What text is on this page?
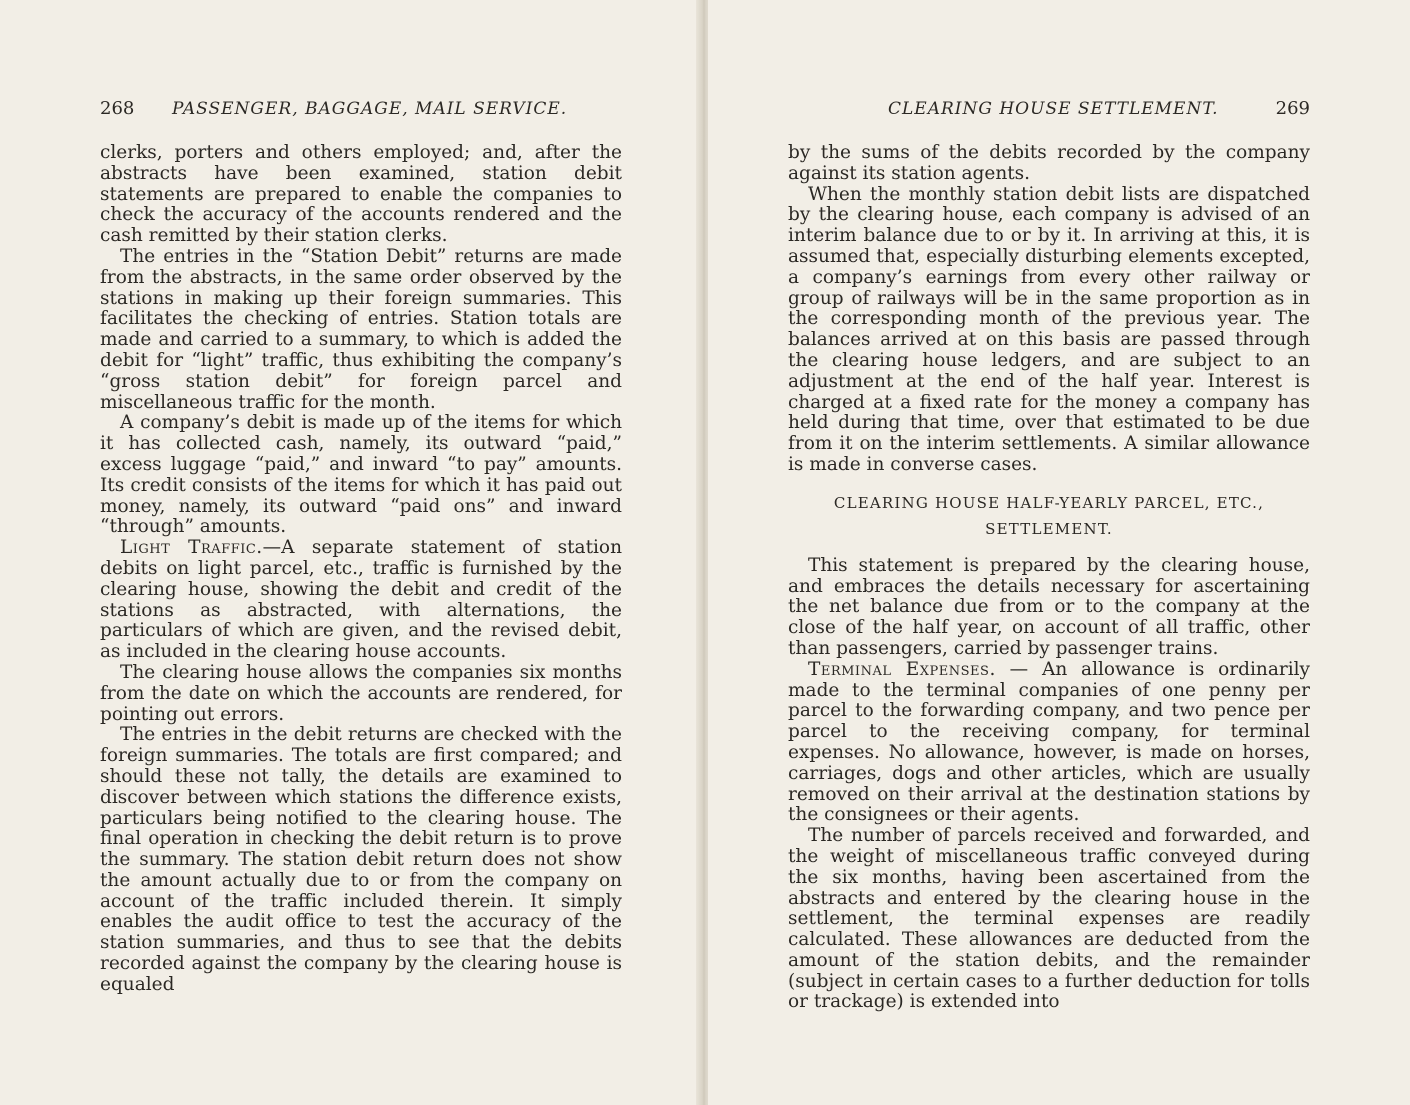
268 PASSENGER, BAGGAGE, MAIL SERVICE.

clerks, porters and others employed; and, after the abstracts have been examined, station debit statements are prepared to enable the companies to check the accuracy of the accounts rendered and the cash remitted by their station clerks.

The entries in the “Station Debit” returns are made from the abstracts, in the same order observed by the stations in making up their foreign summaries. This facilitates the checking of entries. Station totals are made and carried to a summary, to which is added the debit for “light” traffic, thus exhibiting the company’s “gross station debit” for foreign parcel and miscellaneous traffic for the month.

A company’s debit is made up of the items for which it has collected cash, namely, its outward “paid,” excess luggage “paid,” and inward “to pay” amounts. Its credit consists of the items for which it has paid out money, namely, its outward “paid ons” and inward “through” amounts.

Light Traffic.—A separate statement of station debits on light parcel, etc., traffic is furnished by the clearing house, showing the debit and credit of the stations as abstracted, with alternations, the particulars of which are given, and the revised debit, as included in the clearing house accounts.

The clearing house allows the companies six months from the date on which the accounts are rendered, for pointing out errors.

The entries in the debit returns are checked with the foreign summaries. The totals are first compared; and should these not tally, the details are examined to discover between which stations the difference exists, particulars being notified to the clearing house. The final operation in checking the debit return is to prove the summary. The station debit return does not show the amount actually due to or from the company on account of the traffic included therein. It simply enables the audit office to test the accuracy of the station summaries, and thus to see that the debits recorded against the company by the clearing house is equaled

CLEARING HOUSE SETTLEMENT.	269

by the sums of the debits recorded by the company against its station agents.

When the monthly station debit lists are dispatched by the clearing house, each company is advised of an interim balance due to or by it. In arriving at this, it is assumed that, especially disturbing elements excepted, a company’s earnings from every other railway or group of railways will be in the same proportion as in the corresponding month of the previous year. The balances arrived at on this basis are passed through the clearing house ledgers, and are subject to an adjustment at the end of the half year. Interest is charged at a fixed rate for the money a company has held during that time, over that estimated to be due from it on the interim settlements. A similar allowance is made in converse cases.

CLEARING HOUSE HALF-YEARLY PARCEL, ETC.,
SETTLEMENT.

This statement is prepared by the clearing house, and embraces the details necessary for ascertaining the net balance due from or to the company at the close of the half year, on account of all traffic, other than passengers, carried by passenger trains.

Terminal Expenses. — An allowance is ordinarily made to the terminal companies of one penny per parcel to the forwarding company, and two pence per parcel to the receiving company, for terminal expenses. No allowance, however, is made on horses, carriages, dogs and other articles, which are usually removed on their arrival at the destination stations by the consignees or their agents.

The number of parcels received and forwarded, and the weight of miscellaneous traffic conveyed during the six months, having been ascertained from the abstracts and entered by the clearing house in the settlement, the terminal expenses are readily calculated. These allowances are deducted from the amount of the station debits, and the remainder (subject in certain cases to a further deduction for tolls or trackage) is extended into
